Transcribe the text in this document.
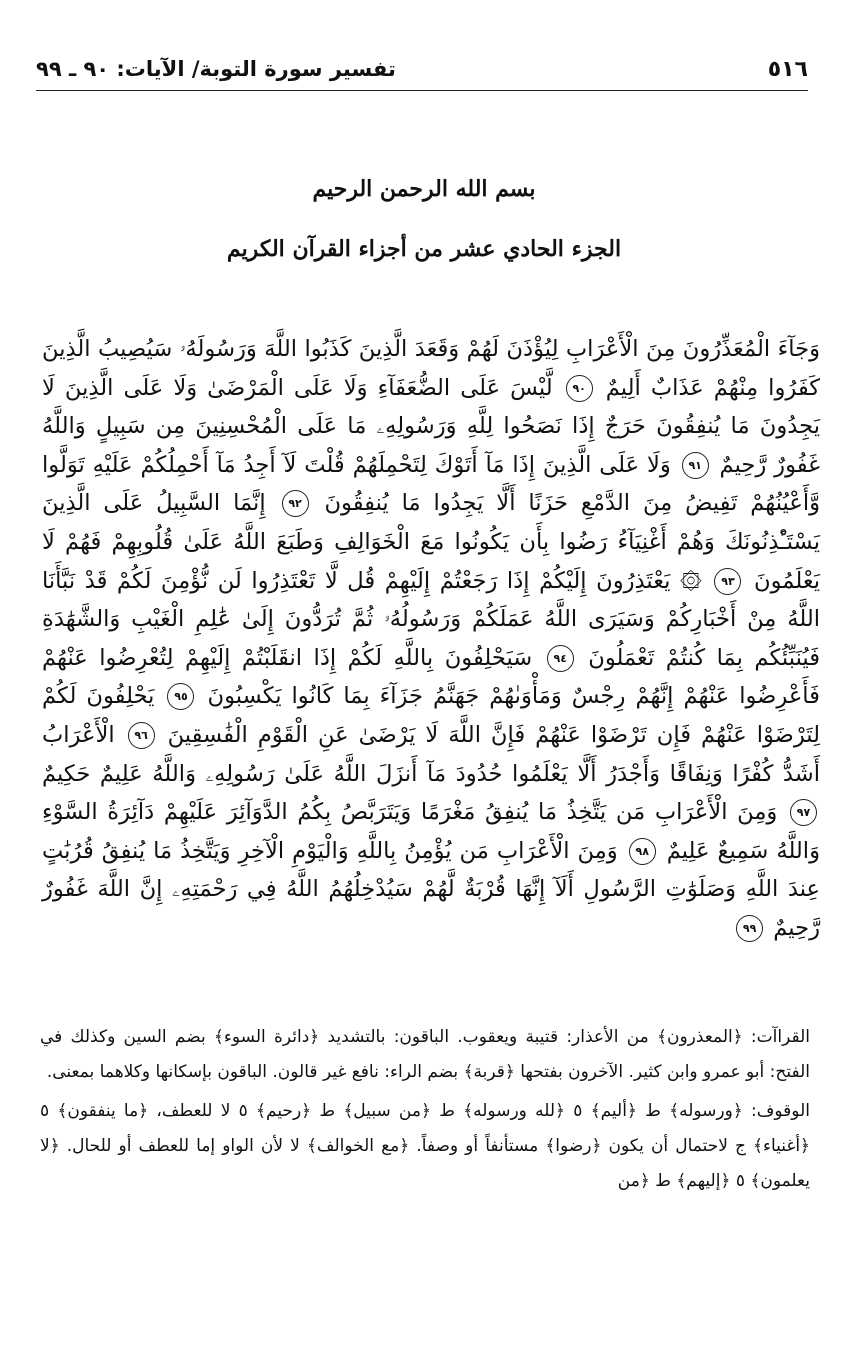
٥١٦
تفسير سورة التوبة/ الآيات: ٩٠ ـ ٩٩
بسم الله الرحمن الرحيم
الجزء الحادي عشر من أجزاء القرآن الكريم
وَجَآءَ الْمُعَذِّرُونَ مِنَ الْأَعْرَابِ لِيُؤْذَنَ لَهُمْ وَقَعَدَ الَّذِينَ كَذَبُوا اللَّهَ وَرَسُولَهُۥ سَيُصِيبُ الَّذِينَ كَفَرُوا مِنْهُمْ عَذَابٌ أَلِيمٌ ٩٠ لَّيْسَ عَلَى الضُّعَفَآءِ وَلَا عَلَى الْمَرْضَىٰ وَلَا عَلَى الَّذِينَ لَا يَجِدُونَ مَا يُنفِقُونَ حَرَجٌ إِذَا نَصَحُوا لِلَّهِ وَرَسُولِهِۦ مَا عَلَى الْمُحْسِنِينَ مِن سَبِيلٍ وَاللَّهُ غَفُورٌ رَّحِيمٌ ٩١ وَلَا عَلَى الَّذِينَ إِذَا مَآ أَتَوْكَ لِتَحْمِلَهُمْ قُلْتَ لَآ أَجِدُ مَآ أَحْمِلُكُمْ عَلَيْهِ تَوَلَّوا وَّأَعْيُنُهُمْ تَفِيضُ مِنَ الدَّمْعِ حَزَنًا أَلَّا يَجِدُوا مَا يُنفِقُونَ ٩٢ إِنَّمَا السَّبِيلُ عَلَى الَّذِينَ يَسْتَـْٔذِنُونَكَ وَهُمْ أَغْنِيَآءُ رَضُوا بِأَن يَكُونُوا مَعَ الْخَوَالِفِ وَطَبَعَ اللَّهُ عَلَىٰ قُلُوبِهِمْ فَهُمْ لَا يَعْلَمُونَ ٩٣ ۞ يَعْتَذِرُونَ إِلَيْكُمْ إِذَا رَجَعْتُمْ إِلَيْهِمْ قُل لَّا تَعْتَذِرُوا لَن نُّؤْمِنَ لَكُمْ قَدْ نَبَّأَنَا اللَّهُ مِنْ أَخْبَارِكُمْ وَسَيَرَى اللَّهُ عَمَلَكُمْ وَرَسُولُهُۥ ثُمَّ تُرَدُّونَ إِلَىٰ عَٰلِمِ الْغَيْبِ وَالشَّهَٰدَةِ فَيُنَبِّئُكُم بِمَا كُنتُمْ تَعْمَلُونَ ٩٤ سَيَحْلِفُونَ بِاللَّهِ لَكُمْ إِذَا انقَلَبْتُمْ إِلَيْهِمْ لِتُعْرِضُوا عَنْهُمْ فَأَعْرِضُوا عَنْهُمْ إِنَّهُمْ رِجْسٌ وَمَأْوَىٰهُمْ جَهَنَّمُ جَزَآءَ بِمَا كَانُوا يَكْسِبُونَ ٩٥ يَحْلِفُونَ لَكُمْ لِتَرْضَوْا عَنْهُمْ فَإِن تَرْضَوْا عَنْهُمْ فَإِنَّ اللَّهَ لَا يَرْضَىٰ عَنِ الْقَوْمِ الْفَٰسِقِينَ ٩٦ الْأَعْرَابُ أَشَدُّ كُفْرًا وَنِفَاقًا وَأَجْدَرُ أَلَّا يَعْلَمُوا حُدُودَ مَآ أَنزَلَ اللَّهُ عَلَىٰ رَسُولِهِۦ وَاللَّهُ عَلِيمٌ حَكِيمٌ ٩٧ وَمِنَ الْأَعْرَابِ مَن يَتَّخِذُ مَا يُنفِقُ مَغْرَمًا وَيَتَرَبَّصُ بِكُمُ الدَّوَآئِرَ عَلَيْهِمْ دَآئِرَةُ السَّوْءِ وَاللَّهُ سَمِيعٌ عَلِيمٌ ٩٨ وَمِنَ الْأَعْرَابِ مَن يُؤْمِنُ بِاللَّهِ وَالْيَوْمِ الْآخِرِ وَيَتَّخِذُ مَا يُنفِقُ قُرُبَٰتٍ عِندَ اللَّهِ وَصَلَوَٰتِ الرَّسُولِ أَلَآ إِنَّهَا قُرْبَةٌ لَّهُمْ سَيُدْخِلُهُمُ اللَّهُ فِي رَحْمَتِهِۦ إِنَّ اللَّهَ غَفُورٌ رَّحِيمٌ ٩٩

القراآت: ﴿المعذرون﴾ من الأعذار: قتيبة ويعقوب. الباقون: بالتشديد ﴿دائرة السوء﴾ بضم السين وكذلك في الفتح: أبو عمرو وابن كثير. الآخرون بفتحها ﴿قربة﴾ بضم الراء: نافع غير قالون. الباقون بإسكانها وكلاهما بمعنى.

الوقوف: ﴿ورسوله﴾ ط ﴿أليم﴾ ٥ ﴿لله ورسوله﴾ ط ﴿من سبيل﴾ ط ﴿رحيم﴾ ٥ لا للعطف، ﴿ما ينفقون﴾ ٥ ﴿أغنياء﴾ ج لاحتمال أن يكون ﴿رضوا﴾ مستأنفاً أو وصفاً. ﴿مع الخوالف﴾ لا لأن الواو إما للعطف أو للحال. ﴿لا يعلمون﴾ ٥ ﴿إليهم﴾ ط ﴿من
